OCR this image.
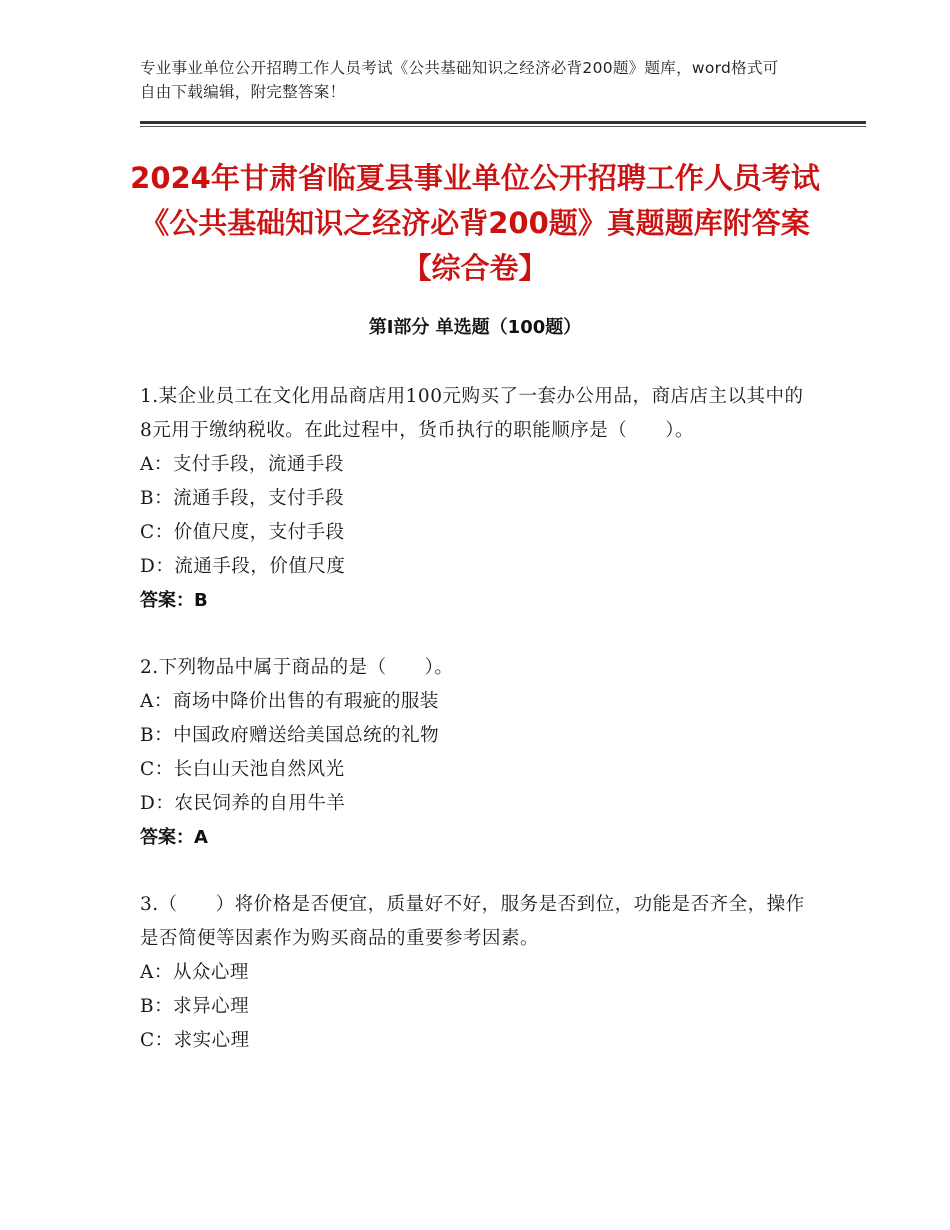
专业事业单位公开招聘工作人员考试《公共基础知识之经济必背200题》题库，word格式可自由下载编辑，附完整答案！
2024年甘肃省临夏县事业单位公开招聘工作人员考试《公共基础知识之经济必背200题》真题题库附答案【综合卷】
第I部分 单选题（100题）

1.某企业员工在文化用品商店用100元购买了一套办公用品，商店店主以其中的8元用于缴纳税收。在此过程中，货币执行的职能顺序是（　　）。

A：支付手段，流通手段

B：流通手段，支付手段

C：价值尺度，支付手段

D：流通手段，价值尺度

答案：B

2.下列物品中属于商品的是（　　）。

A：商场中降价出售的有瑕疵的服装

B：中国政府赠送给美国总统的礼物

C：长白山天池自然风光

D：农民饲养的自用牛羊

答案：A

3.（　　）将价格是否便宜，质量好不好，服务是否到位，功能是否齐全，操作是否简便等因素作为购买商品的重要参考因素。

A：从众心理

B：求异心理

C：求实心理
